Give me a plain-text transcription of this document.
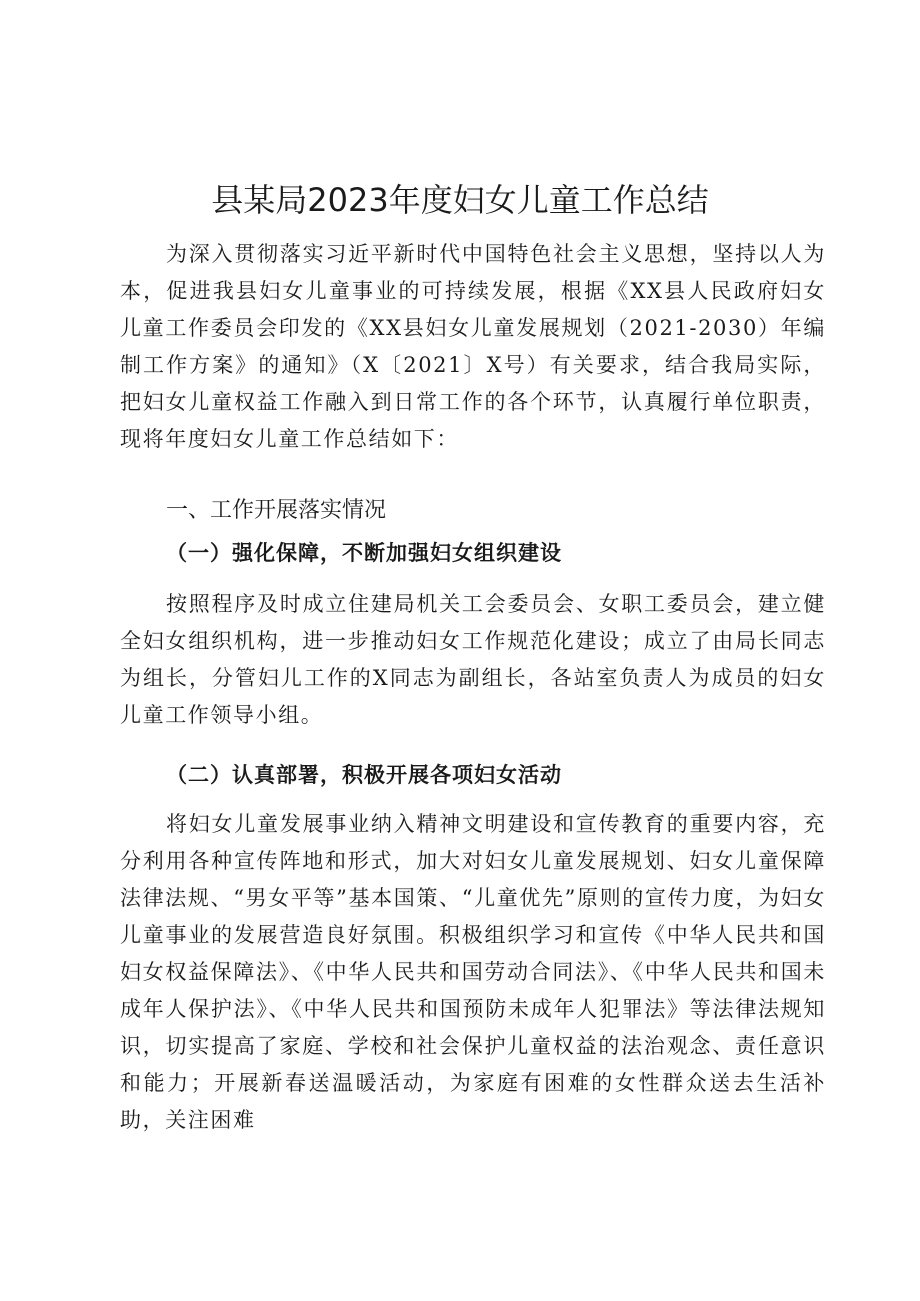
县某局2023年度妇女儿童工作总结

为深入贯彻落实习近平新时代中国特色社会主义思想，坚持以人为本，促进我县妇女儿童事业的可持续发展，根据《XX县人民政府妇女儿童工作委员会印发的《XX县妇女儿童发展规划（2021-2030）年编制工作方案》的通知》（X〔2021〕X号）有关要求，结合我局实际，把妇女儿童权益工作融入到日常工作的各个环节，认真履行单位职责，现将年度妇女儿童工作总结如下：

一、工作开展落实情况
（一）强化保障，不断加强妇女组织建设

按照程序及时成立住建局机关工会委员会、女职工委员会，建立健全妇女组织机构，进一步推动妇女工作规范化建设；成立了由局长同志为组长，分管妇儿工作的X同志为副组长，各站室负责人为成员的妇女儿童工作领导小组。

（二）认真部署，积极开展各项妇女活动

将妇女儿童发展事业纳入精神文明建设和宣传教育的重要内容，充分利用各种宣传阵地和形式，加大对妇女儿童发展规划、妇女儿童保障法律法规、“男女平等”基本国策、“儿童优先”原则的宣传力度，为妇女儿童事业的发展营造良好氛围。积极组织学习和宣传《中华人民共和国妇女权益保障法》、《中华人民共和国劳动合同法》、《中华人民共和国未成年人保护法》、《中华人民共和国预防未成年人犯罪法》等法律法规知识，切实提高了家庭、学校和社会保护儿童权益的法治观念、责任意识和能力；开展新春送温暖活动，为家庭有困难的女性群众送去生活补助，关注困难
